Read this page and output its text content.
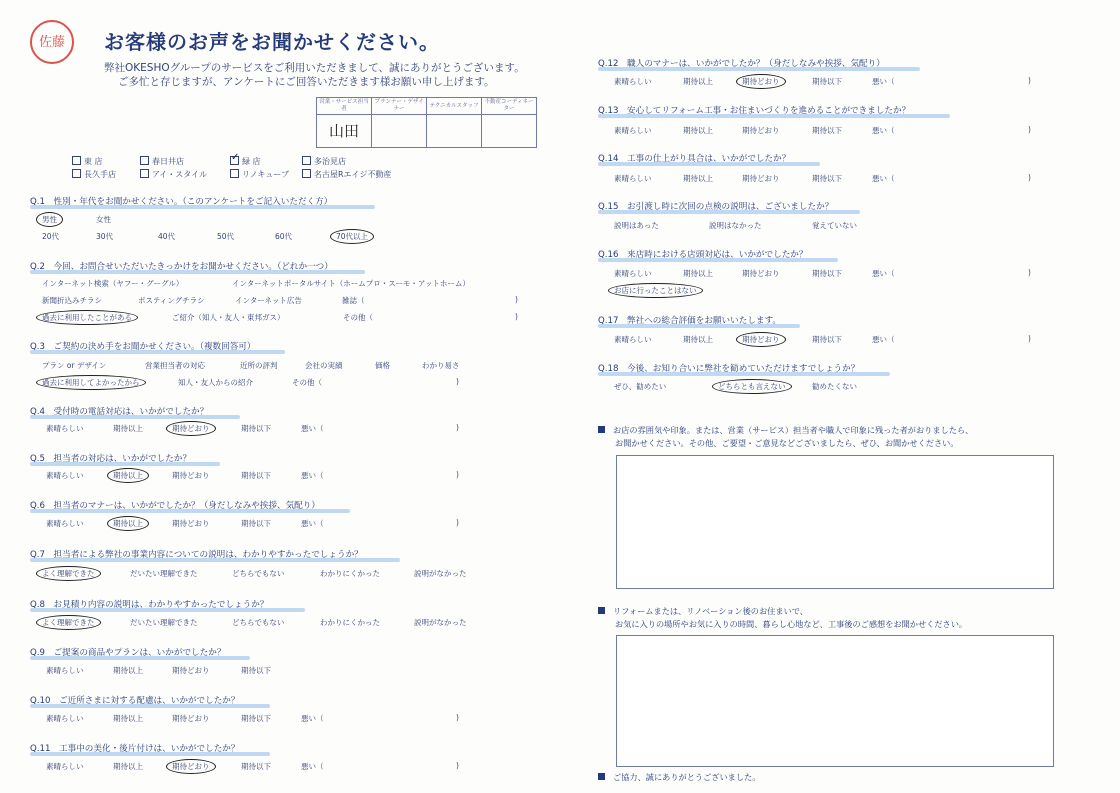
佐藤	お客様のお声をお聞かせください。
弊社OKESHOグループのサービスをご利用いただきまして、誠にありがとうございます。
ご多忙と存じますが、アンケートにご回答いただきます様お願い申し上げます。
営業・サービス担当者	プランナー・デザイナー	テクニカルスタッフ	不動産コーディネーター
山田			
東 店	春日井店 ✓	緑 店	多治見店
長久手店	アイ・スタイル	リノキューブ	名古屋Rエイジ不動産
Q.1　性別・年代をお聞かせください。（このアンケートをご記入いただく方）
男性	女性
20代	30代	40代	50代	60代	70代以上
Q.2　今回、お問合せいただいたきっかけをお聞かせください。（どれか一つ）
インターネット検索（ヤフー・グーグル）	インターネットポータルサイト（ホームプロ・スーモ・アットホーム）
新聞折込みチラシ	ポスティングチラシ	インターネット広告	雑誌（	)
過去に利用したことがある	ご紹介（知人・友人・東邦ガス）	その他（	)
Q.3　ご契約の決め手をお聞かせください。（複数回答可）
プラン or デザイン	営業担当者の対応	近所の評判	会社の実績	価格	わかり易さ
過去に利用してよかったから	知人・友人からの紹介	その他（	)
Q.4　受付時の電話対応は、いかがでしたか？
素晴らしい	期待以上	期待どおり	期待以下	悪い（	)
Q.5　担当者の対応は、いかがでしたか？
素晴らしい	期待以上	期待どおり	期待以下	悪い（	)
Q.6　担当者のマナーは、いかがでしたか？（身だしなみや挨拶、気配り）
素晴らしい	期待以上	期待どおり	期待以下	悪い（	)
Q.7　担当者による弊社の事業内容についての説明は、わかりやすかったでしょうか？
よく理解できた	だいたい理解できた	どちらでもない	わかりにくかった	説明がなかった
Q.8　お見積り内容の説明は、わかりやすかったでしょうか？
よく理解できた	だいたい理解できた	どちらでもない	わかりにくかった	説明がなかった
Q.9　ご提案の商品やプランは、いかがでしたか？
素晴らしい	期待以上	期待どおり	期待以下
Q.10　ご近所さまに対する配慮は、いかがでしたか？
素晴らしい	期待以上	期待どおり	期待以下	悪い（	)
Q.11　工事中の美化・後片付けは、いかがでしたか？
素晴らしい	期待以上	期待どおり	期待以下	悪い（	)
Q.12　職人のマナーは、いかがでしたか？（身だしなみや挨拶、気配り）
素晴らしい	期待以上	期待どおり	期待以下	悪い（	)
Q.13　安心してリフォーム工事・お住まいづくりを進めることができましたか？
素晴らしい	期待以上	期待どおり	期待以下	悪い（	)
Q.14　工事の仕上がり具合は、いかがでしたか？
素晴らしい	期待以上	期待どおり	期待以下	悪い（	)
Q.15　お引渡し時に次回の点検の説明は、ございましたか？
説明はあった	説明はなかった	覚えていない
Q.16　来店時における店頭対応は、いかがでしたか？
素晴らしい	期待以上	期待どおり	期待以下	悪い（	)
お店に行ったことはない
Q.17　弊社への総合評価をお願いいたします。
素晴らしい	期待以上	期待どおり	期待以下	悪い（	)
Q.18　今後、お知り合いに弊社を勧めていただけますでしょうか？
ぜひ、勧めたい	どちらとも言えない	勧めたくない
お店の雰囲気や印象。または、営業（サービス）担当者や職人で印象に残った者がおりましたら、
お聞かせください。その他、ご要望・ご意見などございましたら、ぜひ、お聞かせください。
リフォームまたは、リノベーション後のお住まいで、
お気に入りの場所やお気に入りの時間、暮らし心地など、工事後のご感想をお聞かせください。
ご協力、誠にありがとうございました。
